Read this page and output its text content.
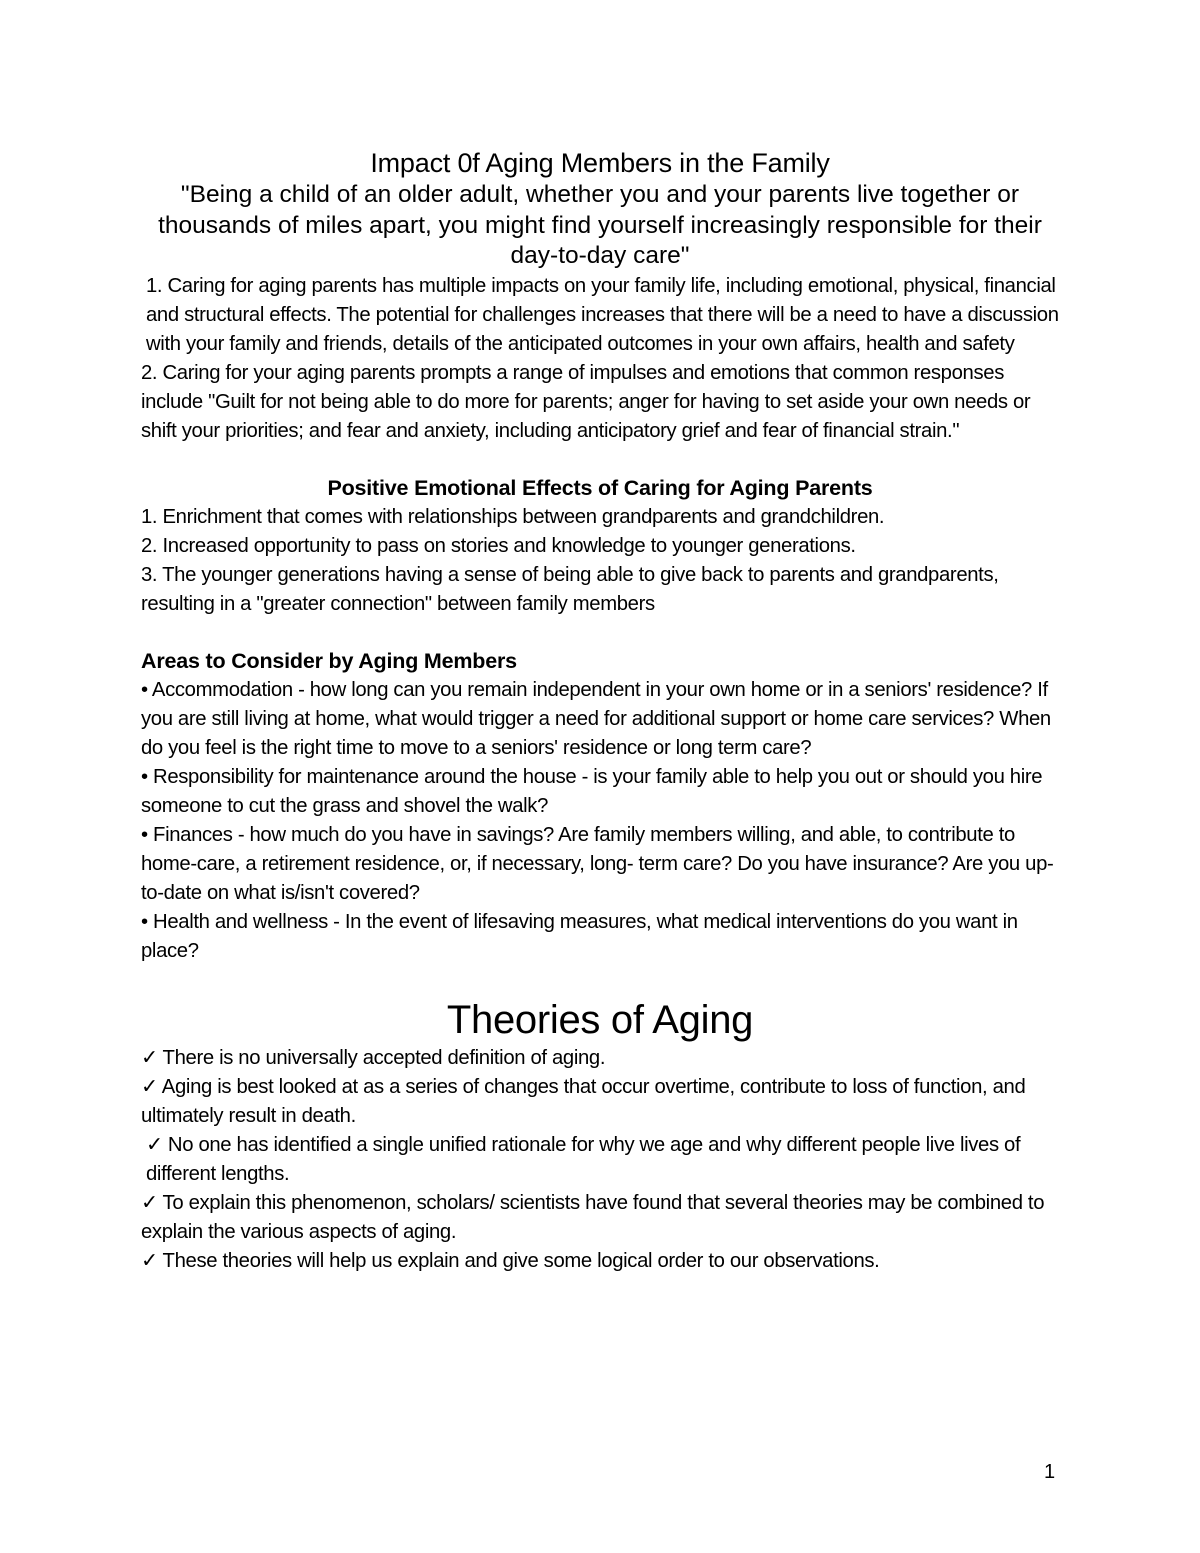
Impact 0f Aging Members in the Family

"Being a child of an older adult, whether you and your parents live together or thousands of miles apart, you might find yourself increasingly responsible for their day-to-day care"

1. Caring for aging parents has multiple impacts on your family life, including emotional, physical, financial and structural effects. The potential for challenges increases that there will be a need to have a discussion with your family and friends, details of the anticipated outcomes in your own affairs, health and safety

2. Caring for your aging parents prompts a range of impulses and emotions that common responses include "Guilt for not being able to do more for parents; anger for having to set aside your own needs or shift your priorities; and fear and anxiety, including anticipatory grief and fear of financial strain."

Positive Emotional Effects of Caring for Aging Parents

1. Enrichment that comes with relationships between grandparents and grandchildren.

2. Increased opportunity to pass on stories and knowledge to younger generations.

3. The younger generations having a sense of being able to give back to parents and grandparents, resulting in a "greater connection" between family members

Areas to Consider by Aging Members

• Accommodation - how long can you remain independent in your own home or in a seniors' residence? If you are still living at home, what would trigger a need for additional support or home care services? When do you feel is the right time to move to a seniors' residence or long term care?

• Responsibility for maintenance around the house - is your family able to help you out or should you hire someone to cut the grass and shovel the walk?

• Finances - how much do you have in savings? Are family members willing, and able, to contribute to home-care, a retirement residence, or, if necessary, long- term care? Do you have insurance? Are you up-to-date on what is/isn't covered?

• Health and wellness - In the event of lifesaving measures, what medical interventions do you want in place?

Theories of Aging

✓ There is no universally accepted definition of aging.

✓ Aging is best looked at as a series of changes that occur overtime, contribute to loss of function, and ultimately result in death.

✓ No one has identified a single unified rationale for why we age and why different people live lives of different lengths.

✓ To explain this phenomenon, scholars/ scientists have found that several theories may be combined to explain the various aspects of aging.

✓ These theories will help us explain and give some logical order to our observations.

1
